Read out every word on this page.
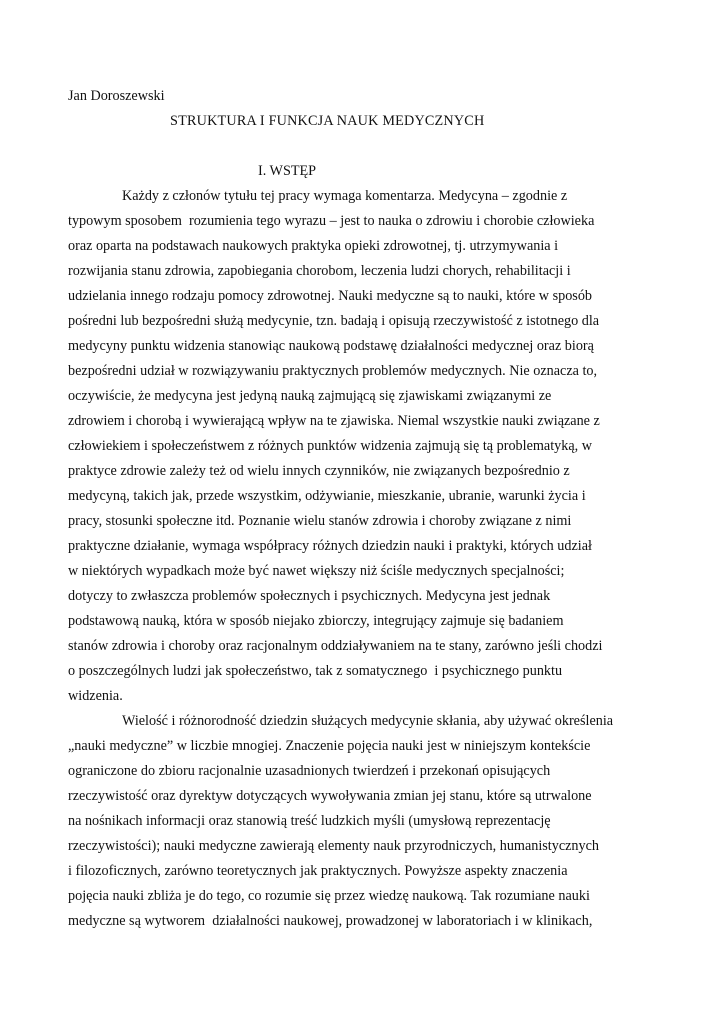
Jan Doroszewski
STRUKTURA I FUNKCJA NAUK MEDYCZNYCH
I. WSTĘP
Każdy z członów tytułu tej pracy wymaga komentarza. Medycyna – zgodnie z
typowym sposobem  rozumienia tego wyrazu – jest to nauka o zdrowiu i chorobie człowieka
oraz oparta na podstawach naukowych praktyka opieki zdrowotnej, tj. utrzymywania i
rozwijania stanu zdrowia, zapobiegania chorobom, leczenia ludzi chorych, rehabilitacji i
udzielania innego rodzaju pomocy zdrowotnej. Nauki medyczne są to nauki, które w sposób
pośredni lub bezpośredni służą medycynie, tzn. badają i opisują rzeczywistość z istotnego dla
medycyny punktu widzenia stanowiąc naukową podstawę działalności medycznej oraz biorą
bezpośredni udział w rozwiązywaniu praktycznych problemów medycznych. Nie oznacza to,
oczywiście, że medycyna jest jedyną nauką zajmującą się zjawiskami związanymi ze
zdrowiem i chorobą i wywierającą wpływ na te zjawiska. Niemal wszystkie nauki związane z
człowiekiem i społeczeństwem z różnych punktów widzenia zajmują się tą problematyką, w
praktyce zdrowie zależy też od wielu innych czynników, nie związanych bezpośrednio z
medycyną, takich jak, przede wszystkim, odżywianie, mieszkanie, ubranie, warunki życia i
pracy, stosunki społeczne itd. Poznanie wielu stanów zdrowia i choroby związane z nimi
praktyczne działanie, wymaga współpracy różnych dziedzin nauki i praktyki, których udział
w niektórych wypadkach może być nawet większy niż ściśle medycznych specjalności;
dotyczy to zwłaszcza problemów społecznych i psychicznych. Medycyna jest jednak
podstawową nauką, która w sposób niejako zbiorczy, integrujący zajmuje się badaniem
stanów zdrowia i choroby oraz racjonalnym oddziaływaniem na te stany, zarówno jeśli chodzi
o poszczególnych ludzi jak społeczeństwo, tak z somatycznego  i psychicznego punktu
widzenia.
Wielość i różnorodność dziedzin służących medycynie skłania, aby używać określenia
„nauki medyczne” w liczbie mnogiej. Znaczenie pojęcia nauki jest w niniejszym kontekście
ograniczone do zbioru racjonalnie uzasadnionych twierdzeń i przekonań opisujących
rzeczywistość oraz dyrektyw dotyczących wywoływania zmian jej stanu, które są utrwalone
na nośnikach informacji oraz stanowią treść ludzkich myśli (umysłową reprezentację
rzeczywistości); nauki medyczne zawierają elementy nauk przyrodniczych, humanistycznych
i filozoficznych, zarówno teoretycznych jak praktycznych. Powyższe aspekty znaczenia
pojęcia nauki zbliża je do tego, co rozumie się przez wiedzę naukową. Tak rozumiane nauki
medyczne są wytworem  działalności naukowej, prowadzonej w laboratoriach i w klinikach,
